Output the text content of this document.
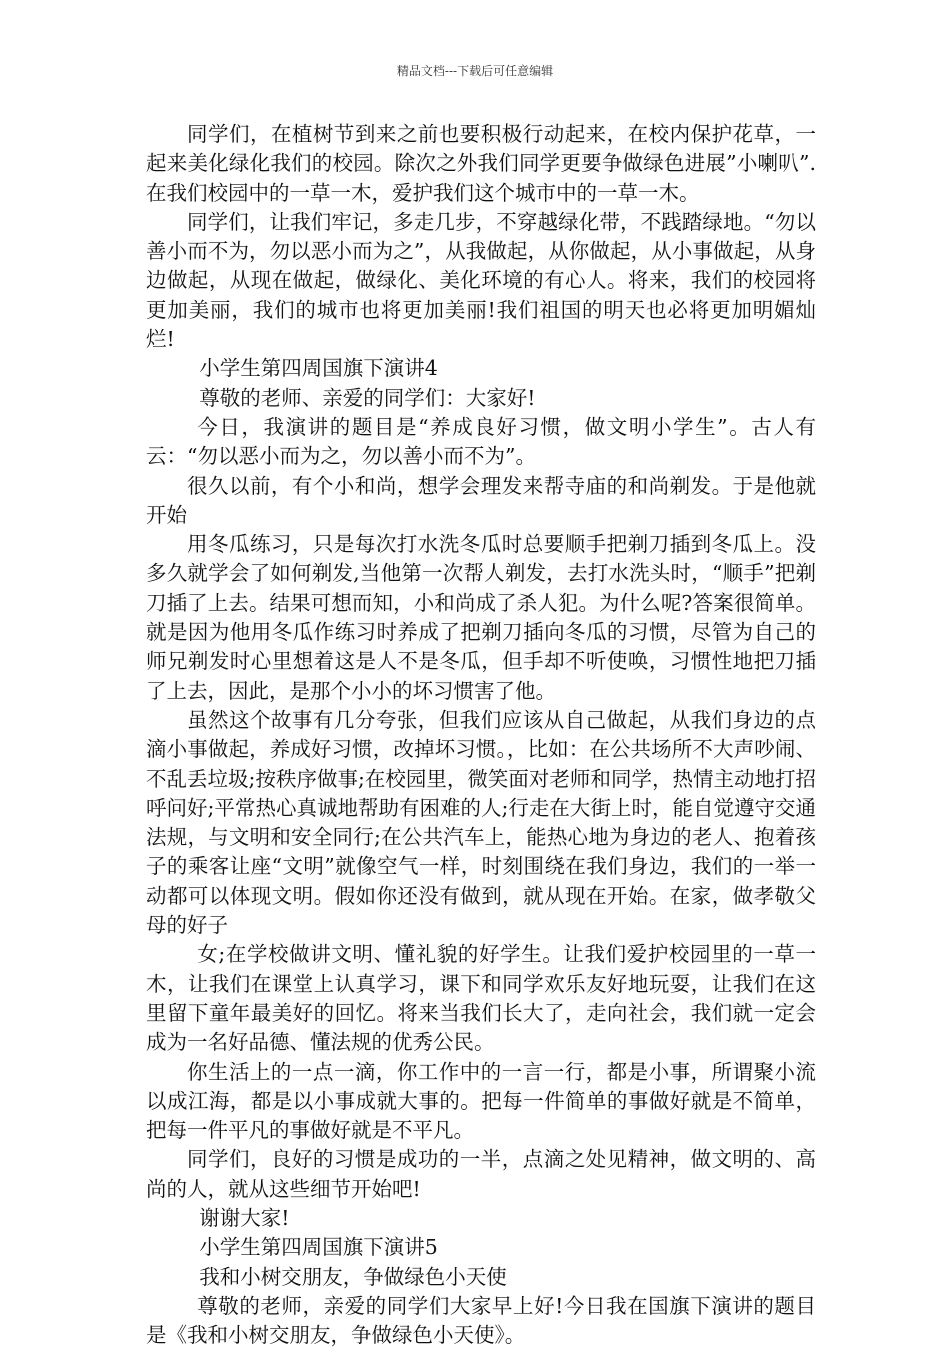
精品文档---下载后可任意编辑

同学们，在植树节到来之前也要积极行动起来，在校内保护花草，一起来美化绿化我们的校园。除次之外我们同学更要争做绿色进展”小喇叭”.在我们校园中的一草一木，爱护我们这个城市中的一草一木。

同学们，让我们牢记，多走几步，不穿越绿化带，不践踏绿地。“勿以善小而不为，勿以恶小而为之”，从我做起，从你做起，从小事做起，从身边做起，从现在做起，做绿化、美化环境的有心人。将来，我们的校园将更加美丽，我们的城市也将更加美丽!我们祖国的明天也必将更加明媚灿烂!

小学生第四周国旗下演讲4

尊敬的老师、亲爱的同学们：大家好!

今日，我演讲的题目是“养成良好习惯，做文明小学生”。古人有云：“勿以恶小而为之，勿以善小而不为”。

很久以前，有个小和尚，想学会理发来帮寺庙的和尚剃发。于是他就开始

用冬瓜练习，只是每次打水洗冬瓜时总要顺手把剃刀插到冬瓜上。没多久就学会了如何剃发,当他第一次帮人剃发，去打水洗头时，“顺手”把剃刀插了上去。结果可想而知，小和尚成了杀人犯。为什么呢?答案很简单。就是因为他用冬瓜作练习时养成了把剃刀插向冬瓜的习惯，尽管为自己的师兄剃发时心里想着这是人不是冬瓜，但手却不听使唤，习惯性地把刀插了上去，因此，是那个小小的坏习惯害了他。

虽然这个故事有几分夸张，但我们应该从自己做起，从我们身边的点滴小事做起，养成好习惯，改掉坏习惯。，比如：在公共场所不大声吵闹、不乱丢垃圾;按秩序做事;在校园里，微笑面对老师和同学，热情主动地打招呼问好;平常热心真诚地帮助有困难的人;行走在大街上时，能自觉遵守交通法规，与文明和安全同行;在公共汽车上，能热心地为身边的老人、抱着孩子的乘客让座“文明”就像空气一样，时刻围绕在我们身边，我们的一举一动都可以体现文明。假如你还没有做到，就从现在开始。在家，做孝敬父母的好子

女;在学校做讲文明、懂礼貌的好学生。让我们爱护校园里的一草一木，让我们在课堂上认真学习，课下和同学欢乐友好地玩耍，让我们在这里留下童年最美好的回忆。将来当我们长大了，走向社会，我们就一定会成为一名好品德、懂法规的优秀公民。

你生活上的一点一滴，你工作中的一言一行，都是小事，所谓聚小流以成江海，都是以小事成就大事的。把每一件简单的事做好就是不简单，把每一件平凡的事做好就是不平凡。

同学们，良好的习惯是成功的一半，点滴之处见精神，做文明的、高尚的人，就从这些细节开始吧!

谢谢大家!

小学生第四周国旗下演讲5

我和小树交朋友，争做绿色小天使

尊敬的老师，亲爱的同学们大家早上好!今日我在国旗下演讲的题目是《我和小树交朋友，争做绿色小天使》。
